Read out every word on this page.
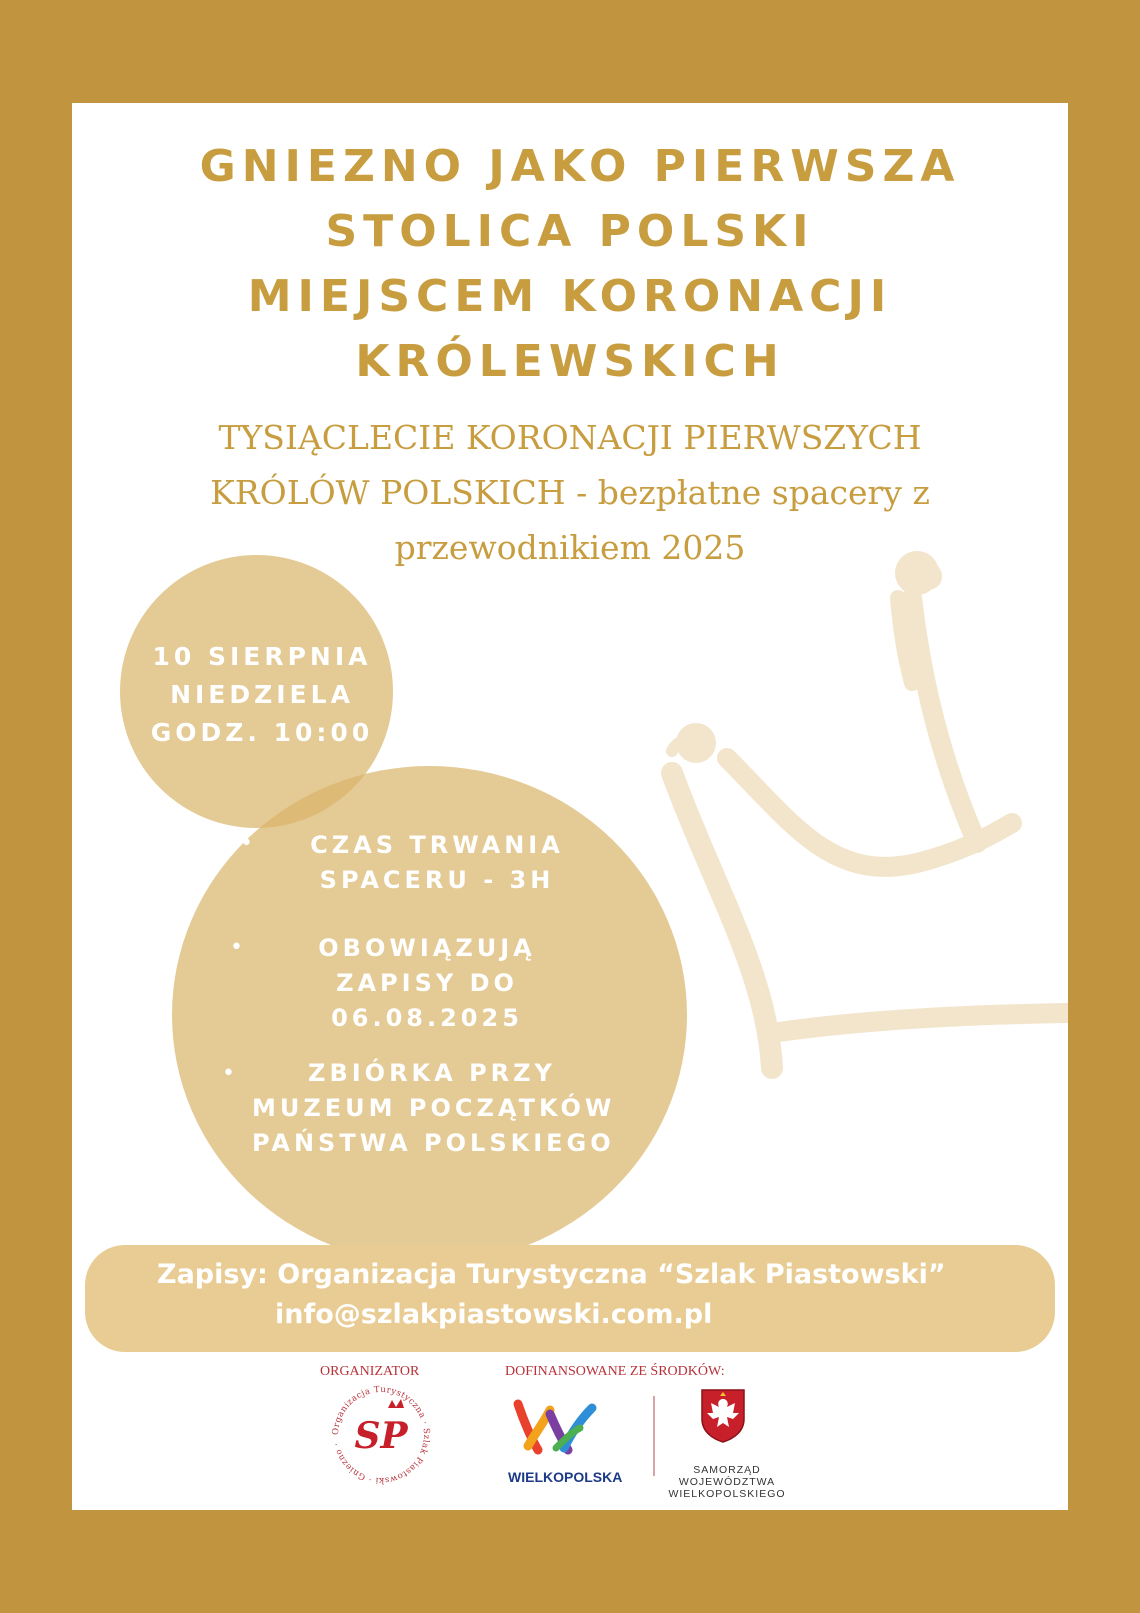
GNIEZNO JAKO PIERWSZA
STOLICA POLSKI
MIEJSCEM KORONACJI
KRÓLEWSKICH
TYSIĄCLECIE KORONACJI PIERWSZYCH
KRÓLÓW POLSKICH - bezpłatne spacery z
przewodnikiem 2025
10 SIERPNIA
NIEDZIELA
GODZ. 10:00
•	CZAS TRWANIA
SPACERU - 3H
•	OBOWIĄZUJĄ
ZAPISY DO
06.08.2025
•	ZBIÓRKA PRZY
MUZEUM POCZĄTKÓW
PAŃSTWA POLSKIEGO
Zapisy: Organizacja Turystyczna “Szlak Piastowski”
info@szlakpiastowski.com.pl
ORGANIZATOR	DOFINANSOWANE ZE ŚRODKÓW:
Organizacja Turystyczna · Szlak Piastowski · Gniezno · SP
WIELKOPOLSKA	SAMORZĄD
WOJEWÓDZTWA
WIELKOPOLSKIEGO
